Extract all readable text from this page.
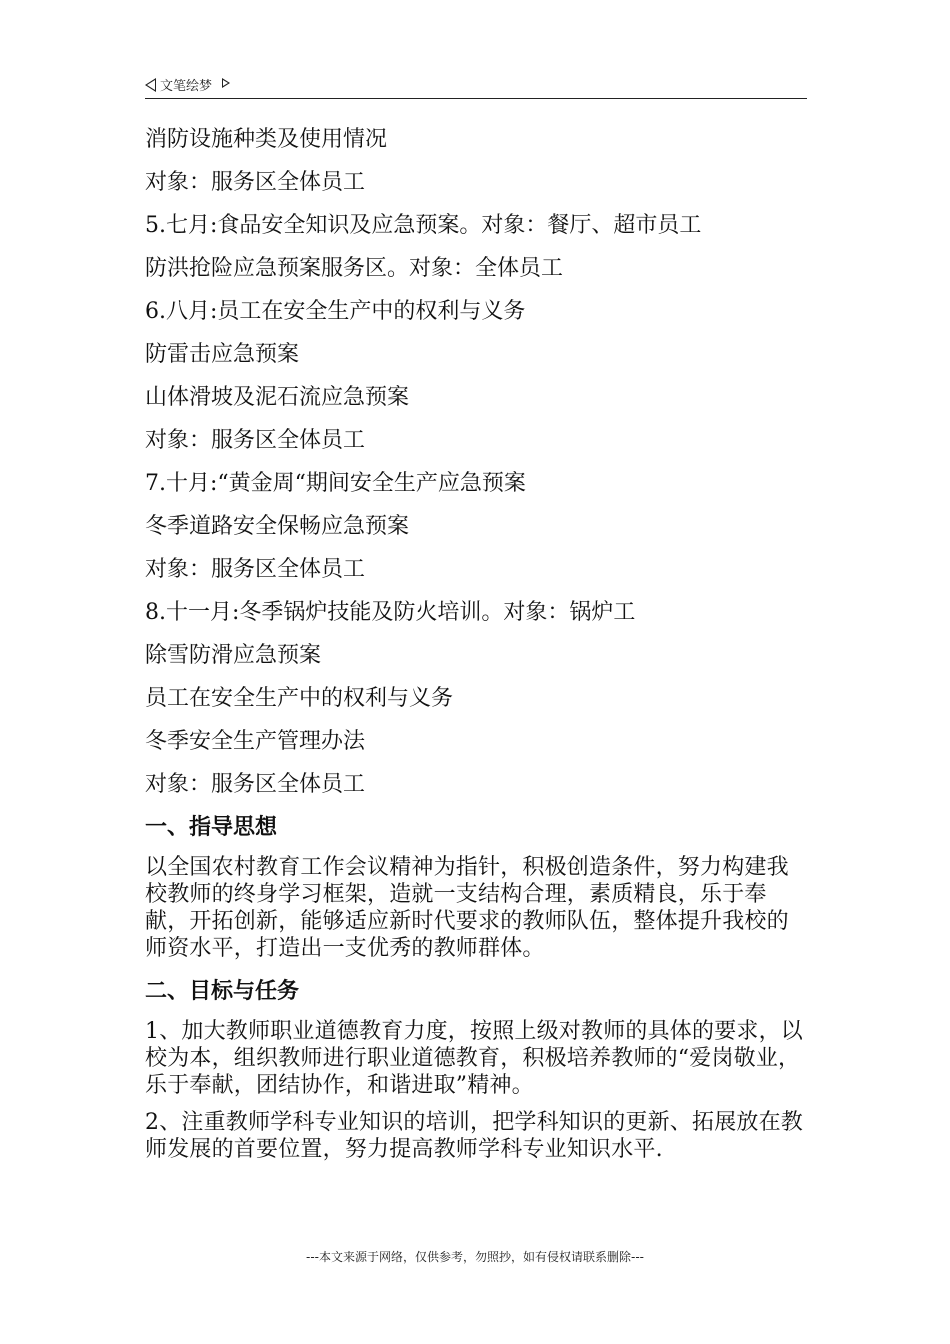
文笔绘梦
消防设施种类及使用情况
对象：服务区全体员工
5.七月:食品安全知识及应急预案。对象：餐厅、超市员工
防洪抢险应急预案服务区。对象：全体员工
6.八月:员工在安全生产中的权利与义务
防雷击应急预案
山体滑坡及泥石流应急预案
对象：服务区全体员工
7.十月:“黄金周“期间安全生产应急预案
冬季道路安全保畅应急预案
对象：服务区全体员工
8.十一月:冬季锅炉技能及防火培训。对象：锅炉工
除雪防滑应急预案
员工在安全生产中的权利与义务
冬季安全生产管理办法
对象：服务区全体员工
一、指导思想
以全国农村教育工作会议精神为指针，积极创造条件，努力构建我校教师的终身学习框架，造就一支结构合理，素质精良，乐于奉献，开拓创新，能够适应新时代要求的教师队伍，整体提升我校的师资水平，打造出一支优秀的教师群体。
二、目标与任务
1、加大教师职业道德教育力度，按照上级对教师的具体的要求，以校为本，组织教师进行职业道德教育，积极培养教师的“爱岗敬业，乐于奉献，团结协作，和谐进取”精神。
2、注重教师学科专业知识的培训，把学科知识的更新、拓展放在教师发展的首要位置，努力提高教师学科专业知识水平.
---本文来源于网络，仅供参考，勿照抄，如有侵权请联系删除---
